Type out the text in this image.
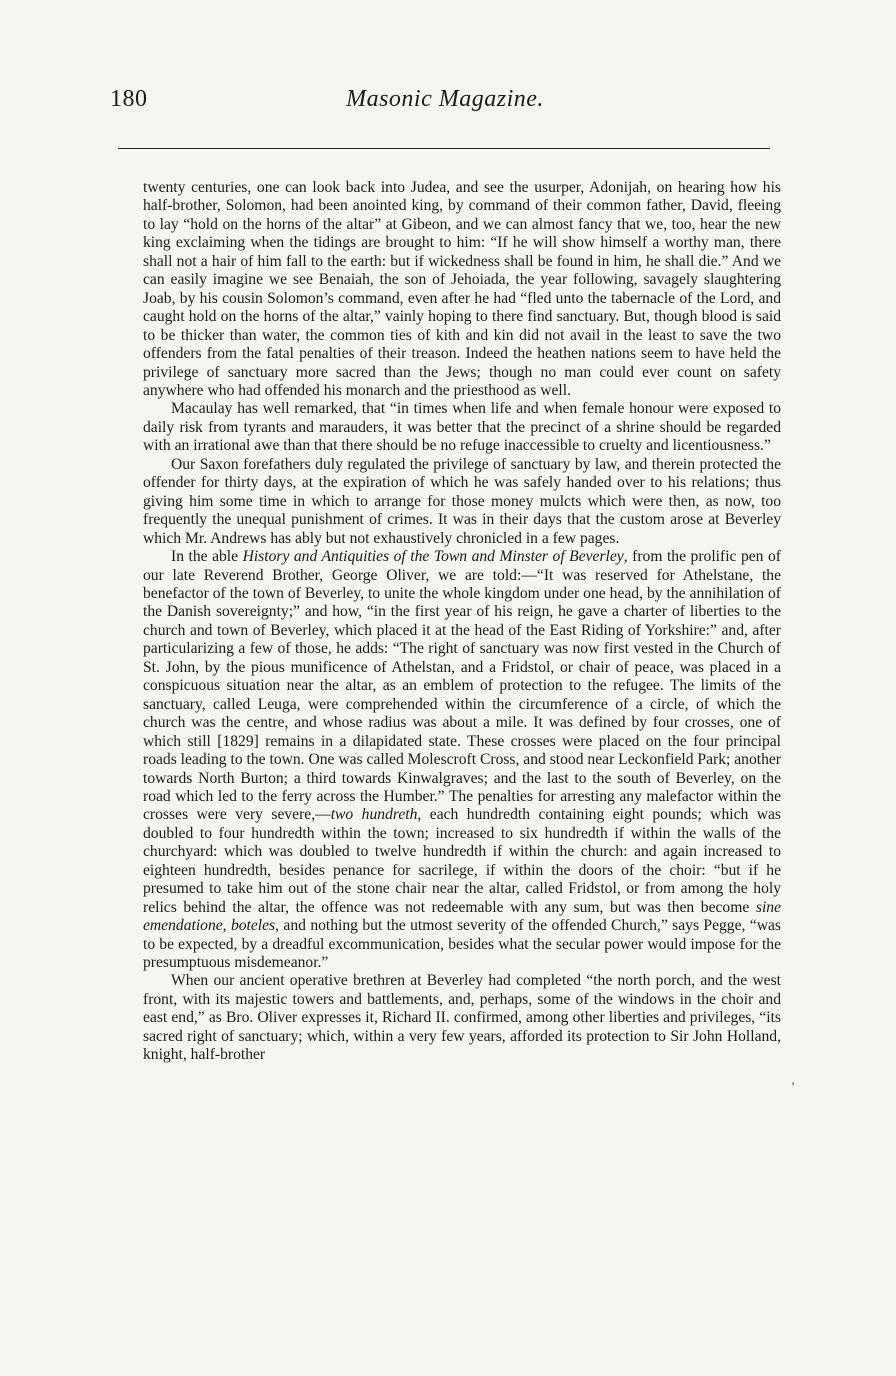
180	Masonic Magazine.

twenty centuries, one can look back into Judea, and see the usurper, Adonijah, on hearing how his half-brother, Solomon, had been anointed king, by command of their common father, David, fleeing to lay “hold on the horns of the altar” at Gibeon, and we can almost fancy that we, too, hear the new king exclaiming when the tidings are brought to him: “If he will show himself a worthy man, there shall not a hair of him fall to the earth: but if wickedness shall be found in him, he shall die.” And we can easily imagine we see Benaiah, the son of Jehoiada, the year following, savagely slaughtering Joab, by his cousin Solomon’s command, even after he had “fled unto the tabernacle of the Lord, and caught hold on the horns of the altar,” vainly hoping to there find sanctuary. But, though blood is said to be thicker than water, the common ties of kith and kin did not avail in the least to save the two offenders from the fatal penalties of their treason. Indeed the heathen nations seem to have held the privilege of sanctuary more sacred than the Jews; though no man could ever count on safety anywhere who had offended his monarch and the priesthood as well.

Macaulay has well remarked, that “in times when life and when female honour were exposed to daily risk from tyrants and marauders, it was better that the precinct of a shrine should be regarded with an irrational awe than that there should be no refuge inaccessible to cruelty and licentiousness.”

Our Saxon forefathers duly regulated the privilege of sanctuary by law, and therein protected the offender for thirty days, at the expiration of which he was safely handed over to his relations; thus giving him some time in which to arrange for those money mulcts which were then, as now, too frequently the unequal punishment of crimes. It was in their days that the custom arose at Beverley which Mr. Andrews has ably but not exhaustively chronicled in a few pages.

In the able History and Antiquities of the Town and Minster of Beverley, from the prolific pen of our late Reverend Brother, George Oliver, we are told:—“It was reserved for Athelstane, the benefactor of the town of Beverley, to unite the whole kingdom under one head, by the annihilation of the Danish sovereignty;” and how, “in the first year of his reign, he gave a charter of liberties to the church and town of Beverley, which placed it at the head of the East Riding of Yorkshire:” and, after particularizing a few of those, he adds: “The right of sanctuary was now first vested in the Church of St. John, by the pious munificence of Athelstan, and a Fridstol, or chair of peace, was placed in a conspicuous situation near the altar, as an emblem of protection to the refugee. The limits of the sanctuary, called Leuga, were comprehended within the circumference of a circle, of which the church was the centre, and whose radius was about a mile. It was defined by four crosses, one of which still [1829] remains in a dilapidated state. These crosses were placed on the four principal roads leading to the town. One was called Molescroft Cross, and stood near Leckonfield Park; another towards North Burton; a third towards Kinwalgraves; and the last to the south of Beverley, on the road which led to the ferry across the Humber.” The penalties for arresting any malefactor within the crosses were very severe,—two hundreth, each hundredth containing eight pounds; which was doubled to four hundredth within the town; increased to six hundredth if within the walls of the churchyard: which was doubled to twelve hundredth if within the church: and again increased to eighteen hundredth, besides penance for sacrilege, if within the doors of the choir: “but if he presumed to take him out of the stone chair near the altar, called Fridstol, or from among the holy relics behind the altar, the offence was not redeemable with any sum, but was then become sine emendatione, boteles, and nothing but the utmost severity of the offended Church,” says Pegge, “was to be expected, by a dreadful excommunication, besides what the secular power would impose for the presumptuous misdemeanor.”

When our ancient operative brethren at Beverley had completed “the north porch, and the west front, with its majestic towers and battlements, and, perhaps, some of the windows in the choir and east end,” as Bro. Oliver expresses it, Richard II. confirmed, among other liberties and privileges, “its sacred right of sanctuary; which, within a very few years, afforded its protection to Sir John Holland, knight, half-brother

’
